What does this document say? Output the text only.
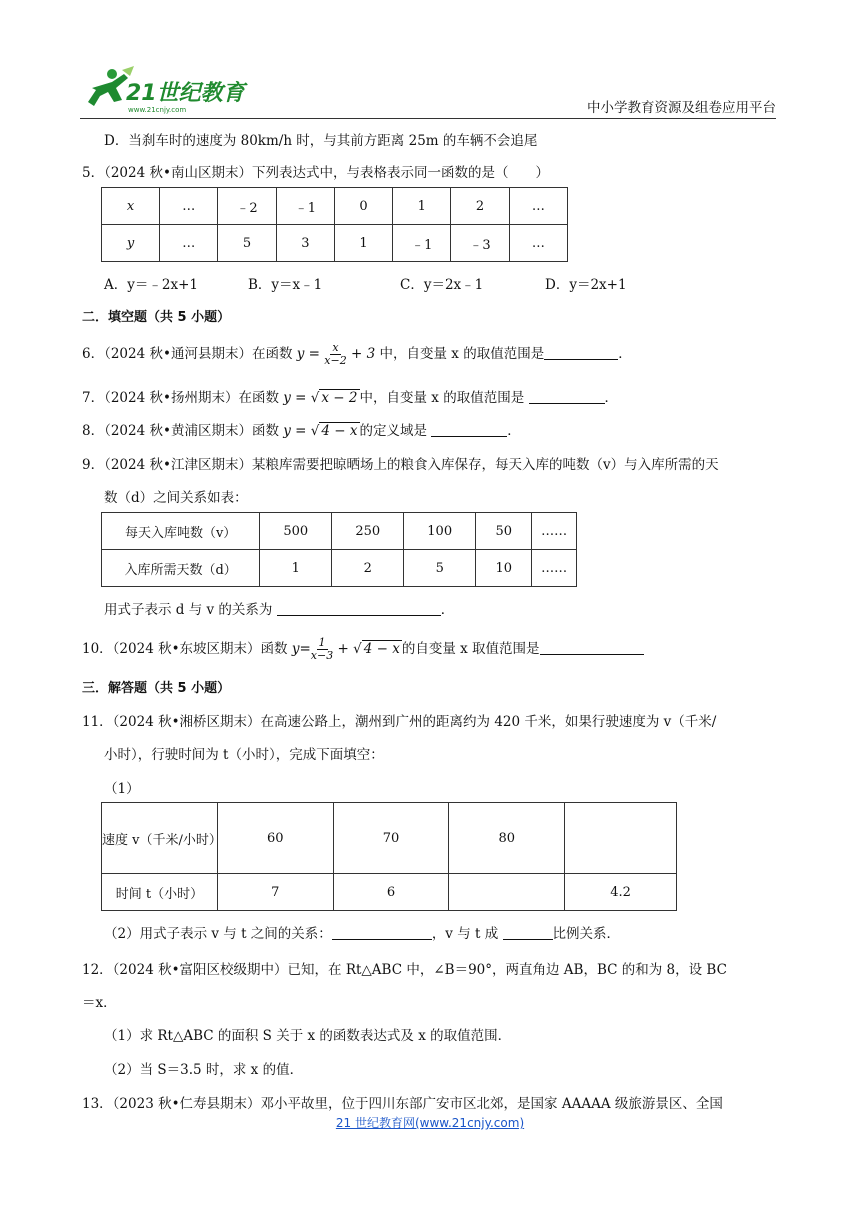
21世纪教育
www.21cnjy.com	中小学教育资源及组卷应用平台
D．当刹车时的速度为 80km/h 时，与其前方距离 25m 的车辆不会追尾
5．（2024 秋•南山区期末）下列表达式中，与表格表示同一函数的是（　　）
x	…	﹣2	﹣1	0	1	2	…
y	…	5	3	1	﹣1	﹣3	…
A．y＝﹣2x+1	B．y＝x﹣1	C．y＝2x﹣1	D．y＝2x+1
二．填空题（共 5 小题）
6．（2024 秋•通河县期末）在函数 $y = \frac{x}{x-2} + 3$ 中，自变量 x 的取值范围是	．
7．（2024 秋•扬州期末）在函数 y = √ x − 2 中，自变量 x 的取值范围是	．
8．（2024 秋•黄浦区期末）函数 y = √ 4 − x 的定义域是	．
9．（2024 秋•江津区期末）某粮库需要把晾晒场上的粮食入库保存，每天入库的吨数（v）与入库所需的天
数（d）之间关系如表：
每天入库吨数（v）	500	250	100	50	……
入库所需天数（d）	1	2	5	10	……
用式子表示 d 与 v 的关系为	．
10．（2024 秋•东坡区期末）函数 $y= \frac{1}{x-3}$ + √ 4 − x 的自变量 x 取值范围是
三．解答题（共 5 小题）
11．（2024 秋•湘桥区期末）在高速公路上，潮州到广州的距离约为 420 千米，如果行驶速度为 v（千米/
小时），行驶时间为 t（小时），完成下面填空：
（1）
速度 v（千米/小时）	60	70	80	
时间 t（小时）	7	6		4.2
（2）用式子表示 v 与 t 之间的关系：	，v 与 t 成	比例关系．
12．（2024 秋•富阳区校级期中）已知，在 Rt△ABC 中，∠B＝90°，两直角边 AB，BC 的和为 8，设 BC
＝x．
（1）求 Rt△ABC 的面积 S 关于 x 的函数表达式及 x 的取值范围．
（2）当 S＝3.5 时，求 x 的值．
13．（2023 秋•仁寿县期末）邓小平故里，位于四川东部广安市区北郊，是国家 AAAAA 级旅游景区、全国
21 世纪教育网(www.21cnjy.com)
